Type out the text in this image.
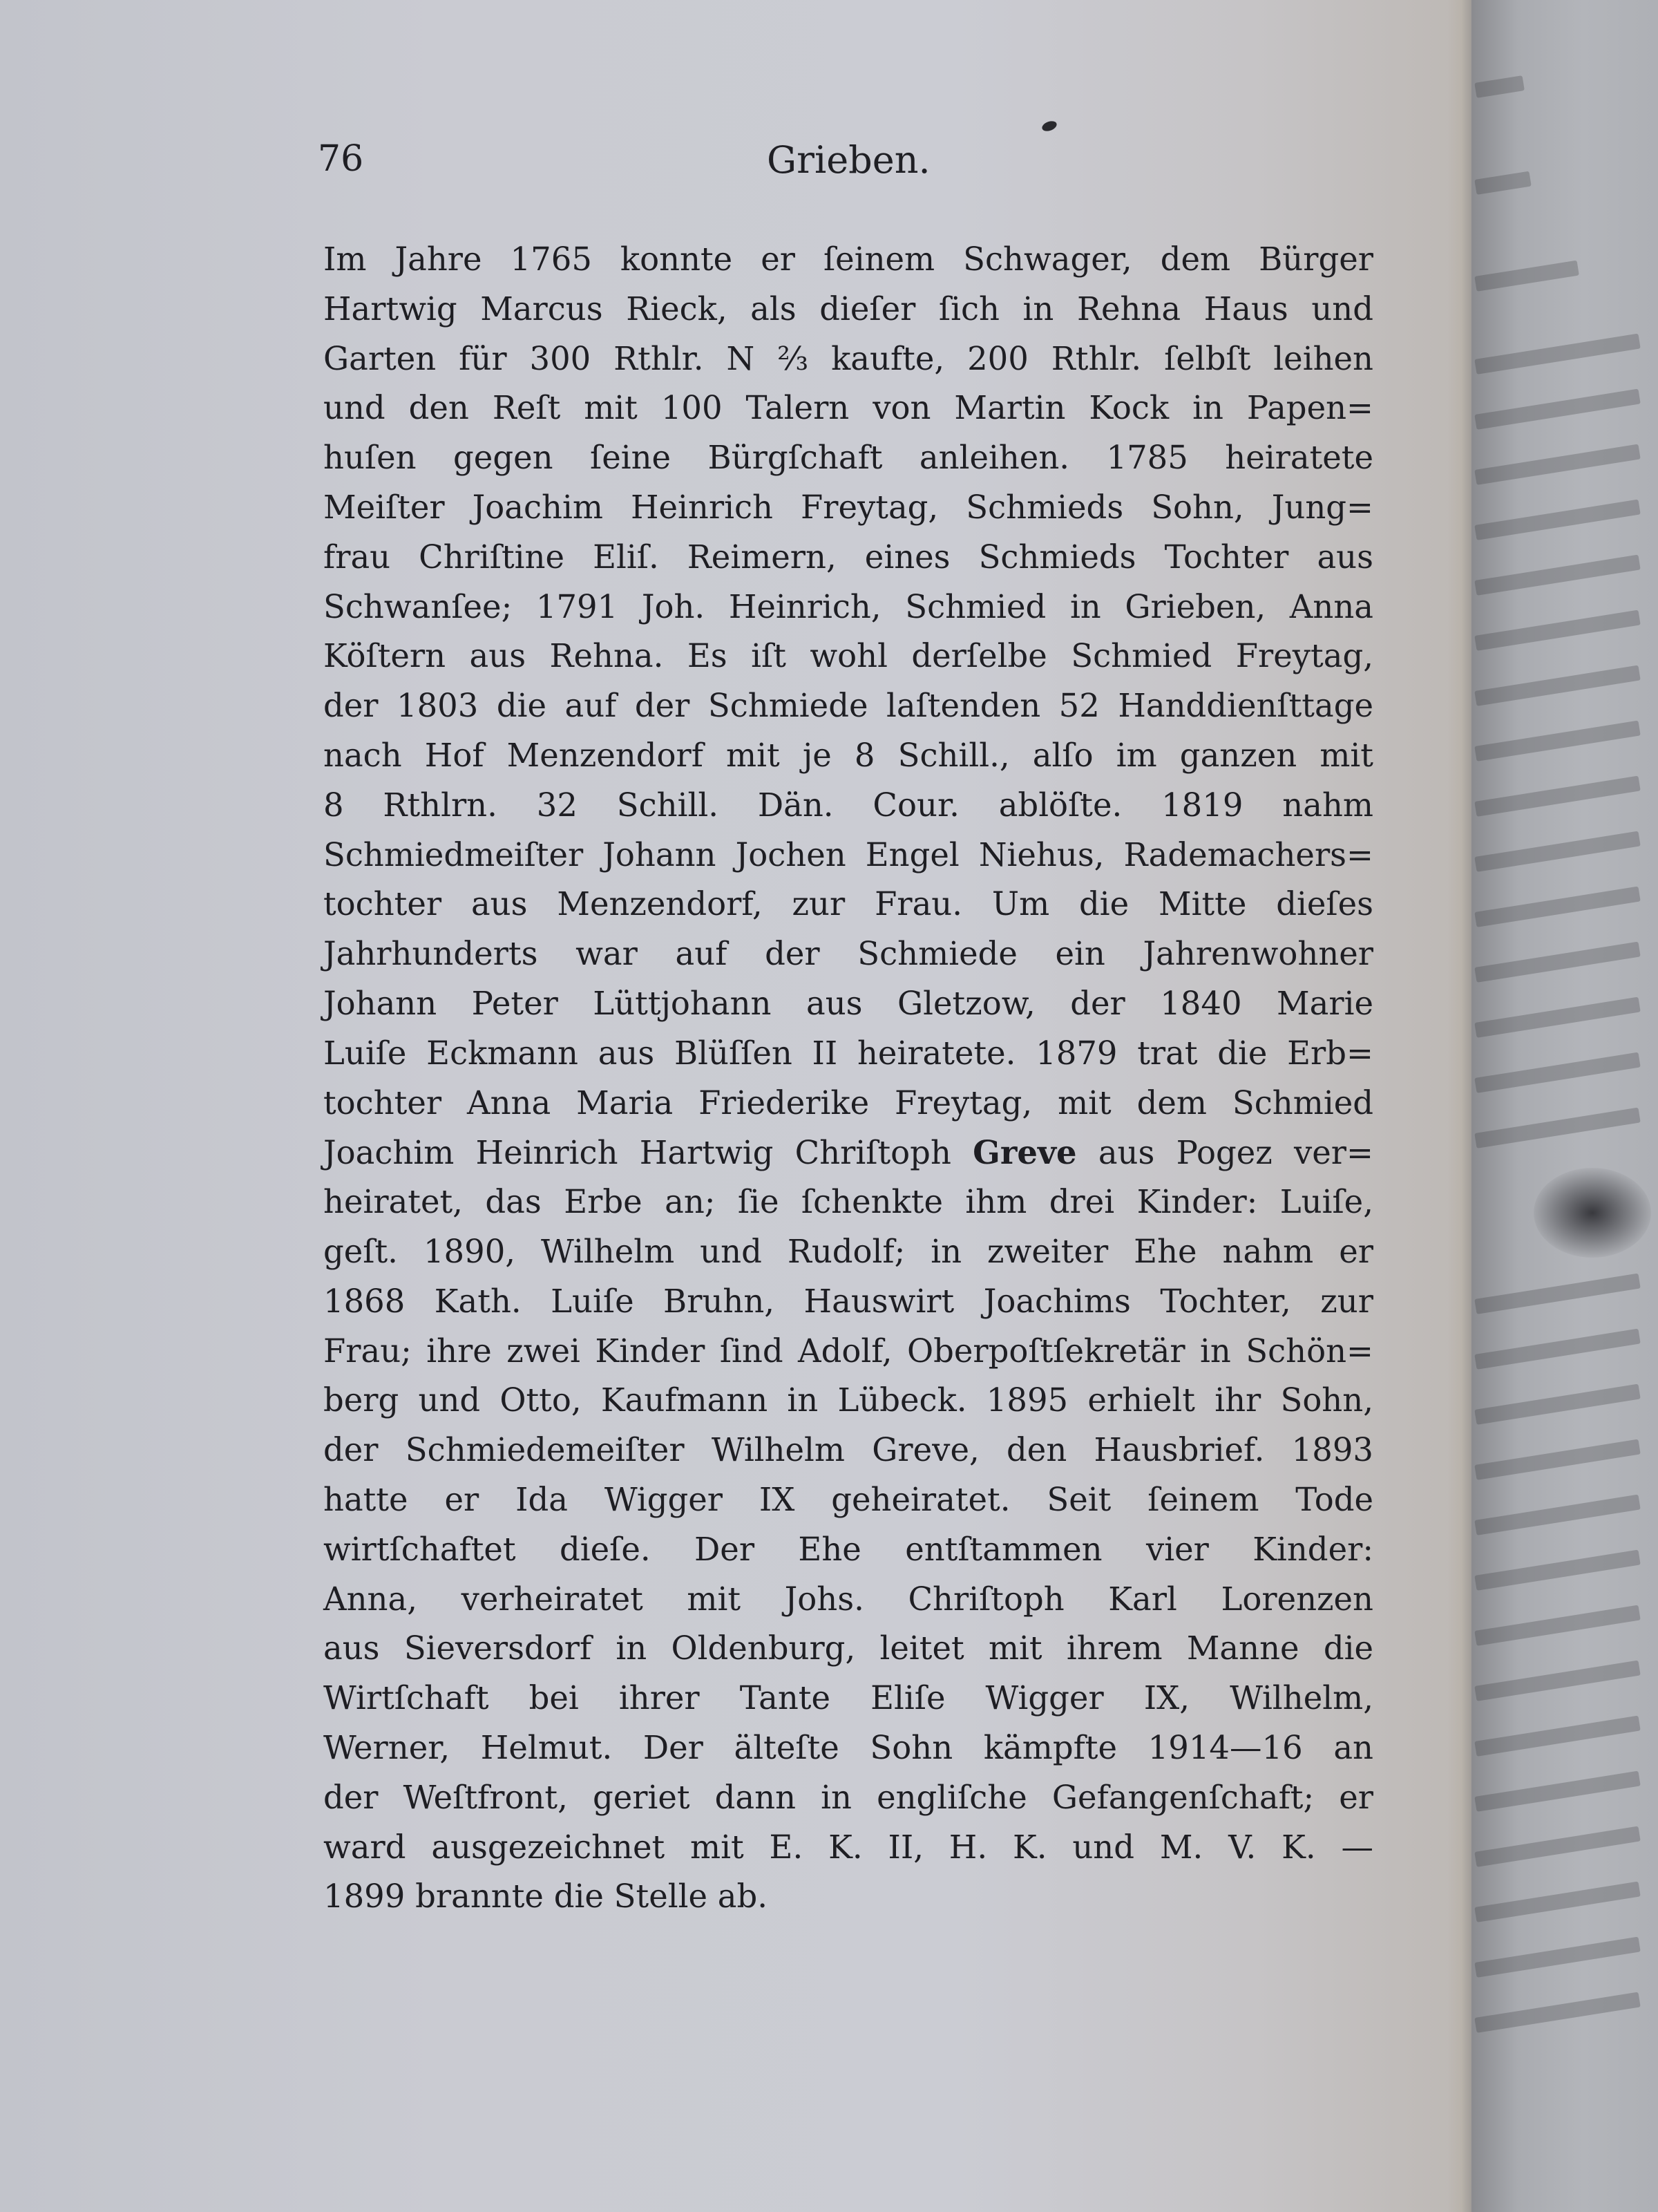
76	Grieben.
Im Jahre 1765 konnte er ſeinem Schwager, dem Bürger
Hartwig Marcus Rieck, als dieſer ſich in Rehna Haus und
Garten für 300 Rthlr. N ⅔ kaufte, 200 Rthlr. ſelbſt leihen
und den Reſt mit 100 Talern von Martin Kock in Papen=
huſen gegen ſeine Bürgſchaft anleihen. 1785 heiratete
Meiſter Joachim Heinrich Freytag, Schmieds Sohn, Jung=
frau Chriſtine Eliſ. Reimern, eines Schmieds Tochter aus
Schwanſee; 1791 Joh. Heinrich, Schmied in Grieben, Anna
Köſtern aus Rehna. Es iſt wohl derſelbe Schmied Freytag,
der 1803 die auf der Schmiede laſtenden 52 Handdienſttage
nach Hof Menzendorf mit je 8 Schill., alſo im ganzen mit
8 Rthlrn. 32 Schill. Dän. Cour. ablöſte. 1819 nahm
Schmiedmeiſter Johann Jochen Engel Niehus, Rademachers=
tochter aus Menzendorf, zur Frau. Um die Mitte dieſes
Jahrhunderts war auf der Schmiede ein Jahrenwohner
Johann Peter Lüttjohann aus Gletzow, der 1840 Marie
Luiſe Eckmann aus Blüſſen II heiratete. 1879 trat die Erb=
tochter Anna Maria Friederike Freytag, mit dem Schmied
Joachim Heinrich Hartwig Chriſtoph Greve aus Pogez ver=
heiratet, das Erbe an; ſie ſchenkte ihm drei Kinder: Luiſe,
geſt. 1890, Wilhelm und Rudolf; in zweiter Ehe nahm er
1868 Kath. Luiſe Bruhn, Hauswirt Joachims Tochter, zur
Frau; ihre zwei Kinder ſind Adolf, Oberpoſtſekretär in Schön=
berg und Otto, Kaufmann in Lübeck. 1895 erhielt ihr Sohn,
der Schmiedemeiſter Wilhelm Greve, den Hausbrief. 1893
hatte er Ida Wigger IX geheiratet. Seit ſeinem Tode
wirtſchaftet dieſe. Der Ehe entſtammen vier Kinder:
Anna, verheiratet mit Johs. Chriſtoph Karl Lorenzen
aus Sieversdorf in Oldenburg, leitet mit ihrem Manne die
Wirtſchaft bei ihrer Tante Eliſe Wigger IX, Wilhelm,
Werner, Helmut. Der älteſte Sohn kämpfte 1914—16 an
der Weſtfront, geriet dann in engliſche Gefangenſchaft; er
ward ausgezeichnet mit E. K. II, H. K. und M. V. K. —
1899 brannte die Stelle ab.
